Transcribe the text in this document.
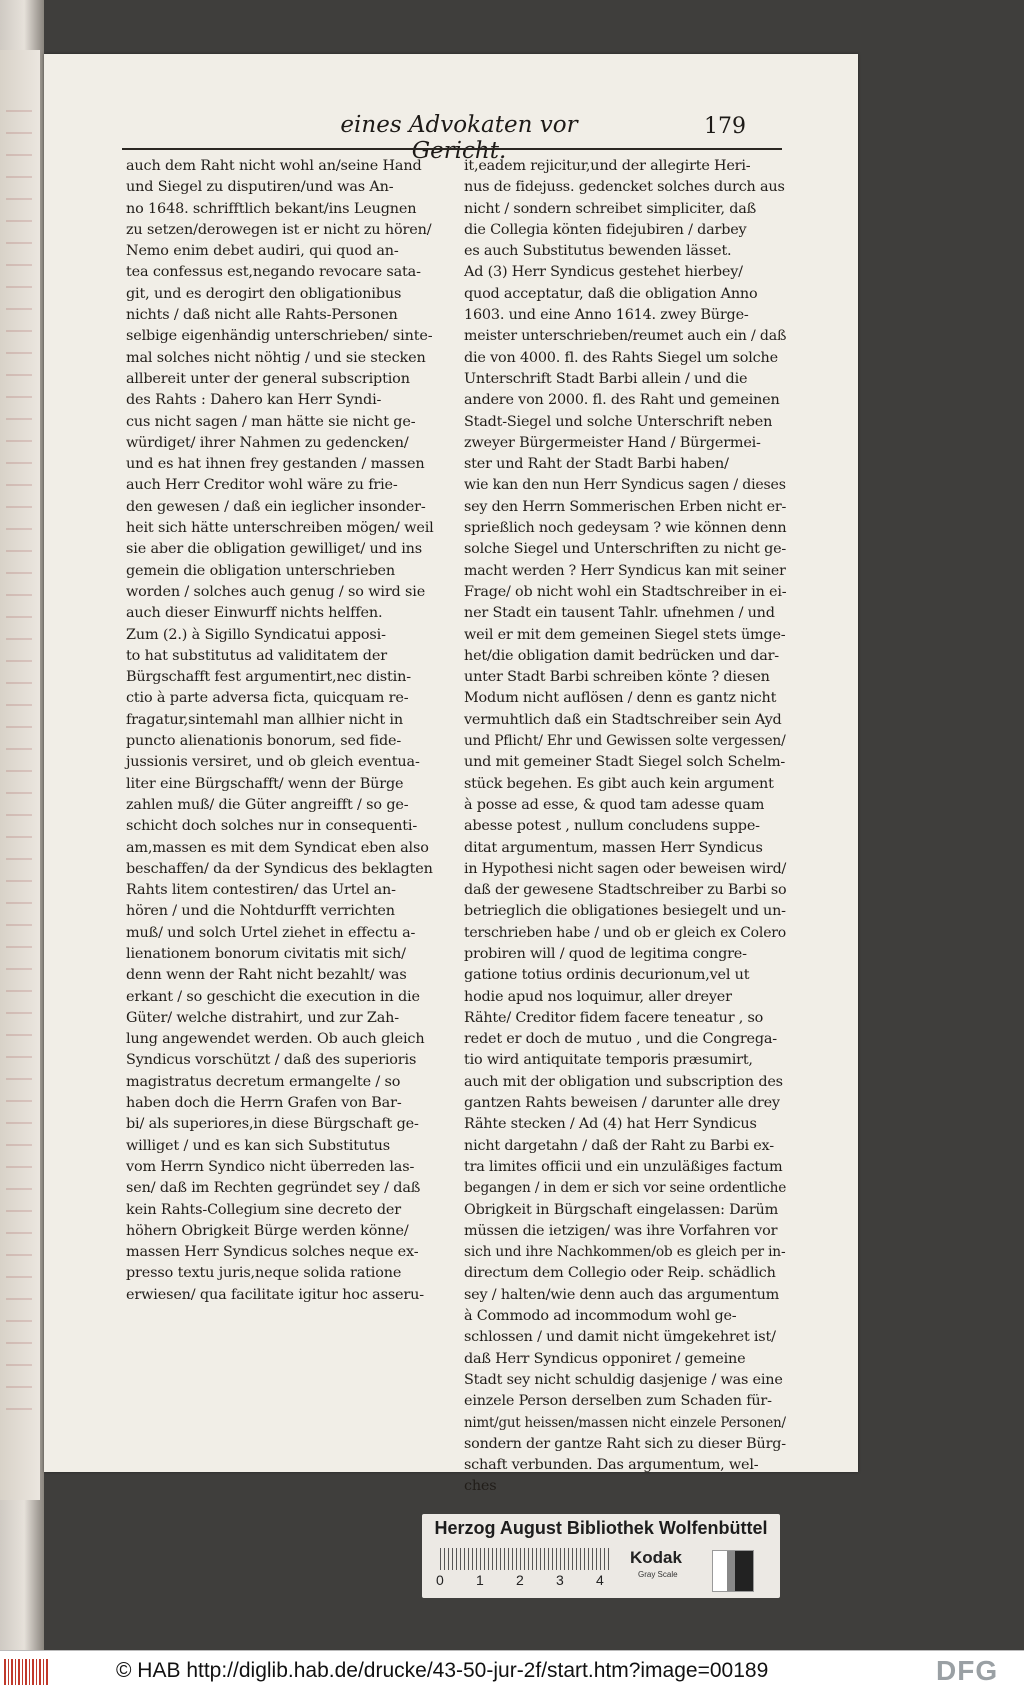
eines Advokaten vor Gericht.
179
auch dem Raht nicht wohl an/seine Hand
und Siegel zu disputiren/und was An-
no 1648. schrifftlich bekant/ins Leugnen
zu setzen/derowegen ist er nicht zu hören/
Nemo enim debet audiri, qui quod an-
tea confessus est,negando revocare sata-
git, und es derogirt den obligationibus
nichts / daß nicht alle Rahts-Personen
selbige eigenhändig unterschrieben/ sinte-
mal solches nicht nöhtig / und sie stecken
allbereit unter der general subscription
des Rahts : Dahero kan Herr Syndi-
cus nicht sagen / man hätte sie nicht ge-
würdiget/ ihrer Nahmen zu gedencken/
und es hat ihnen frey gestanden / massen
auch Herr Creditor wohl wäre zu frie-
den gewesen / daß ein ieglicher insonder-
heit sich hätte unterschreiben mögen/ weil
sie aber die obligation gewilliget/ und ins
gemein die obligation unterschrieben
worden / solches auch genug / so wird sie
auch dieser Einwurff nichts helffen.
Zum (2.) à Sigillo Syndicatui apposi-
to hat substitutus ad validitatem der
Bürgschafft fest argumentirt,nec distin-
ctio à parte adversa ficta, quicquam re-
fragatur,sintemahl man allhier nicht in
puncto alienationis bonorum, sed fide-
jussionis versiret, und ob gleich eventua-
liter eine Bürgschafft/ wenn der Bürge
zahlen muß/ die Güter angreifft / so ge-
schicht doch solches nur in consequenti-
am,massen es mit dem Syndicat eben also
beschaffen/ da der Syndicus des beklagten
Rahts litem contestiren/ das Urtel an-
hören / und die Nohtdurfft verrichten
muß/ und solch Urtel ziehet in effectu a-
lienationem bonorum civitatis mit sich/
denn wenn der Raht nicht bezahlt/ was
erkant / so geschicht die execution in die
Güter/ welche distrahirt, und zur Zah-
lung angewendet werden. Ob auch gleich
Syndicus vorschützt / daß des superioris
magistratus decretum ermangelte / so
haben doch die Herrn Grafen von Bar-
bi/ als superiores,in diese Bürgschaft ge-
williget / und es kan sich Substitutus
vom Herrn Syndico nicht überreden las-
sen/ daß im Rechten gegründet sey / daß
kein Rahts-Collegium sine decreto der
höhern Obrigkeit Bürge werden könne/
massen Herr Syndicus solches neque ex-
presso textu juris,neque solida ratione
erwiesen/ qua facilitate igitur hoc asseru-
it,eadem rejicitur,und der allegirte Heri-
nus de fidejuss. gedencket solches durch aus
nicht / sondern schreibet simpliciter, daß
die Collegia könten fidejubiren / darbey
es auch Substitutus bewenden lässet.
Ad (3) Herr Syndicus gestehet hierbey/
quod acceptatur, daß die obligation Anno
1603. und eine Anno 1614. zwey Bürge-
meister unterschrieben/reumet auch ein / daß
die von 4000. fl. des Rahts Siegel um solche
Unterschrift Stadt Barbi allein / und die
andere von 2000. fl. des Raht und gemeinen
Stadt-Siegel und solche Unterschrift neben
zweyer Bürgermeister Hand / Bürgermei-
ster und Raht der Stadt Barbi haben/
wie kan den nun Herr Syndicus sagen / dieses
sey den Herrn Sommerischen Erben nicht er-
sprießlich noch gedeysam ? wie können denn
solche Siegel und Unterschriften zu nicht ge-
macht werden ? Herr Syndicus kan mit seiner
Frage/ ob nicht wohl ein Stadtschreiber in ei-
ner Stadt ein tausent Tahlr. ufnehmen / und
weil er mit dem gemeinen Siegel stets ümge-
het/die obligation damit bedrücken und dar-
unter Stadt Barbi schreiben könte ? diesen
Modum nicht auflösen / denn es gantz nicht
vermuhtlich daß ein Stadtschreiber sein Ayd
und Pflicht/ Ehr und Gewissen solte vergessen/
und mit gemeiner Stadt Siegel solch Schelm-
stück begehen. Es gibt auch kein argument
à posse ad esse, & quod tam adesse quam
abesse potest , nullum concludens suppe-
ditat argumentum, massen Herr Syndicus
in Hypothesi nicht sagen oder beweisen wird/
daß der gewesene Stadtschreiber zu Barbi so
betrieglich die obligationes besiegelt und un-
terschrieben habe / und ob er gleich ex Colero
probiren will / quod de legitima congre-
gatione totius ordinis decurionum,vel ut
hodie apud nos loquimur, aller dreyer
Rähte/ Creditor fidem facere teneatur , so
redet er doch de mutuo , und die Congrega-
tio wird antiquitate temporis præsumirt,
auch mit der obligation und subscription des
gantzen Rahts beweisen / darunter alle drey
Rähte stecken / Ad (4) hat Herr Syndicus
nicht dargetahn / daß der Raht zu Barbi ex-
tra limites officii und ein unzuläßiges factum
begangen / in dem er sich vor seine ordentliche
Obrigkeit in Bürgschaft eingelassen: Darüm
müssen die ietzigen/ was ihre Vorfahren vor
sich und ihre Nachkommen/ob es gleich per in-
directum dem Collegio oder Reip. schädlich
sey / halten/wie denn auch das argumentum
à Commodo ad incommodum wohl ge-
schlossen / und damit nicht ümgekehret ist/
daß Herr Syndicus opponiret / gemeine
Stadt sey nicht schuldig dasjenige / was eine
einzele Person derselben zum Schaden für-
nimt/gut heissen/massen nicht einzele Personen/
sondern der gantze Raht sich zu dieser Bürg-
schaft verbunden. Das argumentum, wel-
ches
Herzog August Bibliothek Wolfenbüttel
0 1 2 3 4
Kodak
Gray Scale
© HAB http://diglib.hab.de/drucke/43-50-jur-2f/start.htm?image=00189	DFG
